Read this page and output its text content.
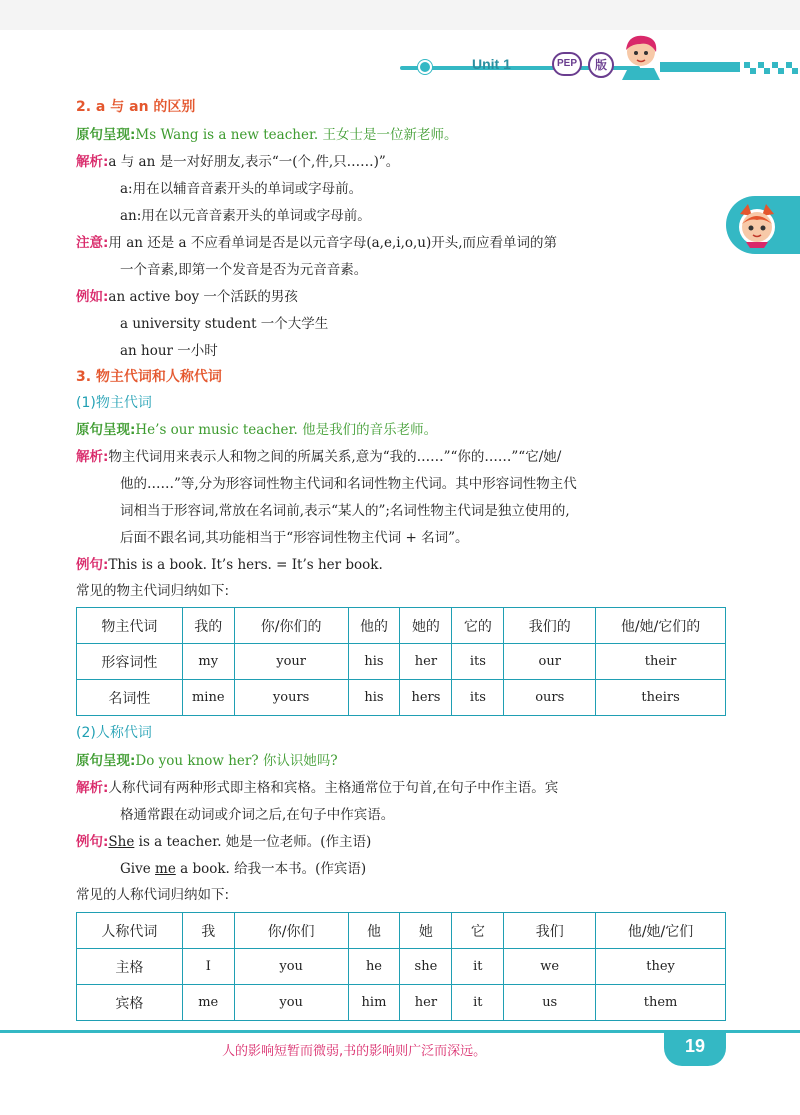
Unit 1	PEP	版
2. a 与 an 的区别
原句呈现:Ms Wang is a new teacher. 王女士是一位新老师。
解析:a 与 an 是一对好朋友,表示“一(个,件,只……)”。
a:用在以辅音音素开头的单词或字母前。
an:用在以元音音素开头的单词或字母前。
注意:用 an 还是 a 不应看单词是否是以元音字母(a,e,i,o,u)开头,而应看单词的第
一个音素,即第一个发音是否为元音音素。
例如:an active boy 一个活跃的男孩
a university student 一个大学生
an hour 一小时
3. 物主代词和人称代词
(1)物主代词
原句呈现:He’s our music teacher. 他是我们的音乐老师。
解析:物主代词用来表示人和物之间的所属关系,意为“我的……”“你的……”“它/她/
他的……”等,分为形容词性物主代词和名词性物主代词。其中形容词性物主代
词相当于形容词,常放在名词前,表示“某人的”;名词性物主代词是独立使用的,
后面不跟名词,其功能相当于“形容词性物主代词 + 名词”。
例句:This is a book. It’s hers. = It’s her book.
常见的物主代词归纳如下:
物主代词	我的	你/你们的	他的	她的	它的	我们的	他/她/它们的
形容词性	my	your	his	her	its	our	their
名词性	mine	yours	his	hers	its	ours	theirs
(2)人称代词
原句呈现:Do you know her? 你认识她吗?
解析:人称代词有两种形式即主格和宾格。主格通常位于句首,在句子中作主语。宾
格通常跟在动词或介词之后,在句子中作宾语。
例句:She is a teacher. 她是一位老师。(作主语)
Give me a book. 给我一本书。(作宾语)
常见的人称代词归纳如下:
人称代词	我	你/你们	他	她	它	我们	他/她/它们
主格	I	you	he	she	it	we	they
宾格	me	you	him	her	it	us	them
人的影响短暂而微弱,书的影响则广泛而深远。	19
